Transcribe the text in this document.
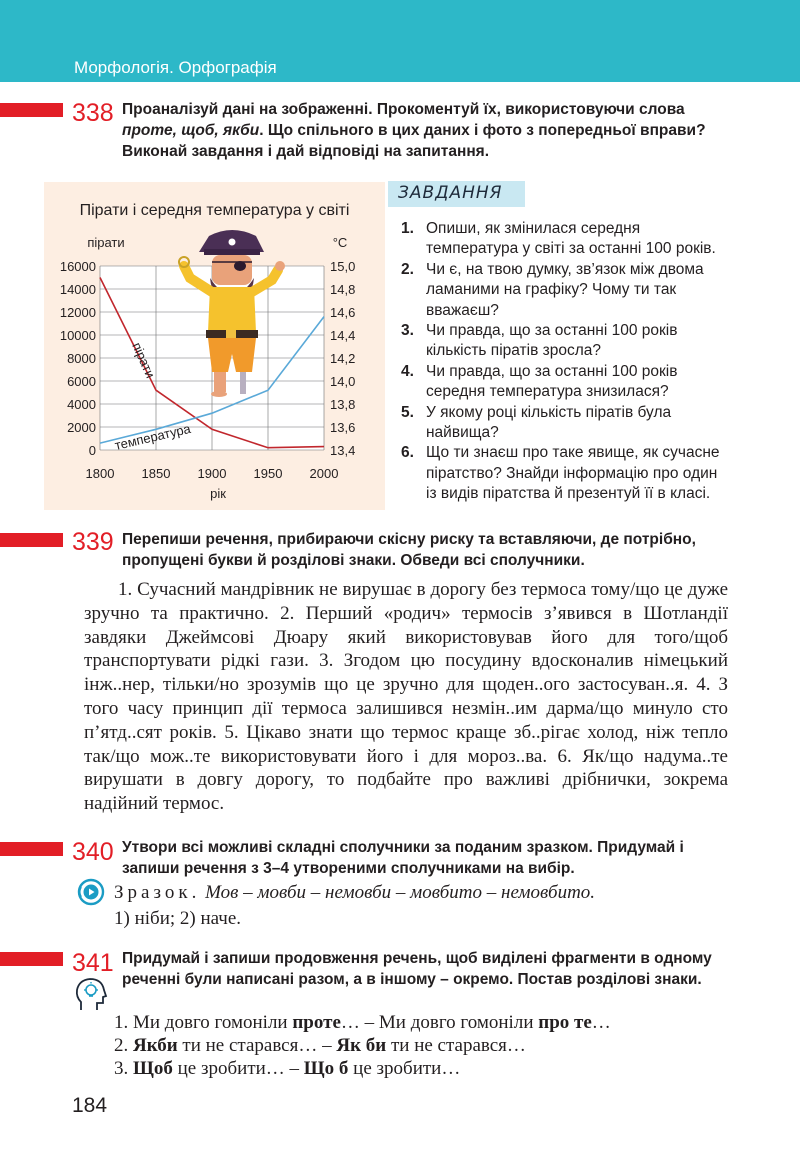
Морфологія. Орфографія
338 Проаналізуй дані на зображенні. Прокоментуй їх, використовуючи слова
проте, щоб, якби. Що спільного в цих даних і фото з попередньої вправи?
Виконай завдання і дай відповіді на запитання.
Пірати і середня температура у світі
16000
14000
12000
10000
8000
6000
4000
2000
0
15,0
14,8
14,6
14,4
14,2
14,0
13,8
13,6
13,4
1800 1850 1900 1950 2000
пірати	°C
рік
пірати
температура
ЗАВДАННЯ
1. Опиши, як змінилася середня температура у світі за останні 100 років.
2. Чи є, на твою думку, зв’язок між двома ламаними на графіку? Чому ти так вважаєш?
3. Чи правда, що за останні 100 років кількість піратів зросла?
4. Чи правда, що за останні 100 років середня температура знизилася?
5. У якому році кількість піратів була найвища?
6. Що ти знаєш про таке явище, як сучасне піратство? Знайди інформацію про один із видів піратства й презентуй її в класі.
339 Перепиши речення, прибираючи скісну риску та вставляючи, де потрібно, пропущені букви й розділові знаки. Обведи всі сполучники.
1. Сучасний мандрівник не вирушає в дорогу без термоса тому/що це дуже зручно та практично. 2. Перший «родич» термосів з’явився в Шотландії завдяки Джеймсові Дюару який використовував його для того/щоб транспортувати рідкі гази. 3. Згодом цю посудину вдосконалив німецький інж..нер, тільки/но зрозумів що це зручно для щоден..ого застосуван..я. 4. З того часу принцип дії термоса залишився незмін..им дарма/що минуло сто п’ятд..сят років. 5. Цікаво знати що термос краще зб..рігає холод, ніж тепло так/що мож..те використовувати його і для мороз..ва. 6. Як/що надума..те вирушати в довгу дорогу, то подбайте про важливі дрібнички, зокрема надійний термос.
340 Утвори всі можливі складні сполучники за поданим зразком. Придумай і запиши речення з 3–4 утвореними сполучниками на вибір.
Зразок. Мов – мовби – немовби – мовбито – немовбито.
1) ніби; 2) наче.
341 Придумай і запиши продовження речень, щоб виділені фрагменти в одному реченні були написані разом, а в іншому – окремо. Постав розділові знаки.
1. Ми довго гомоніли проте… – Ми довго гомоніли про те…
2. Якби ти не старався… – Як би ти не старався…
3. Щоб це зробити… – Що б це зробити…
184
